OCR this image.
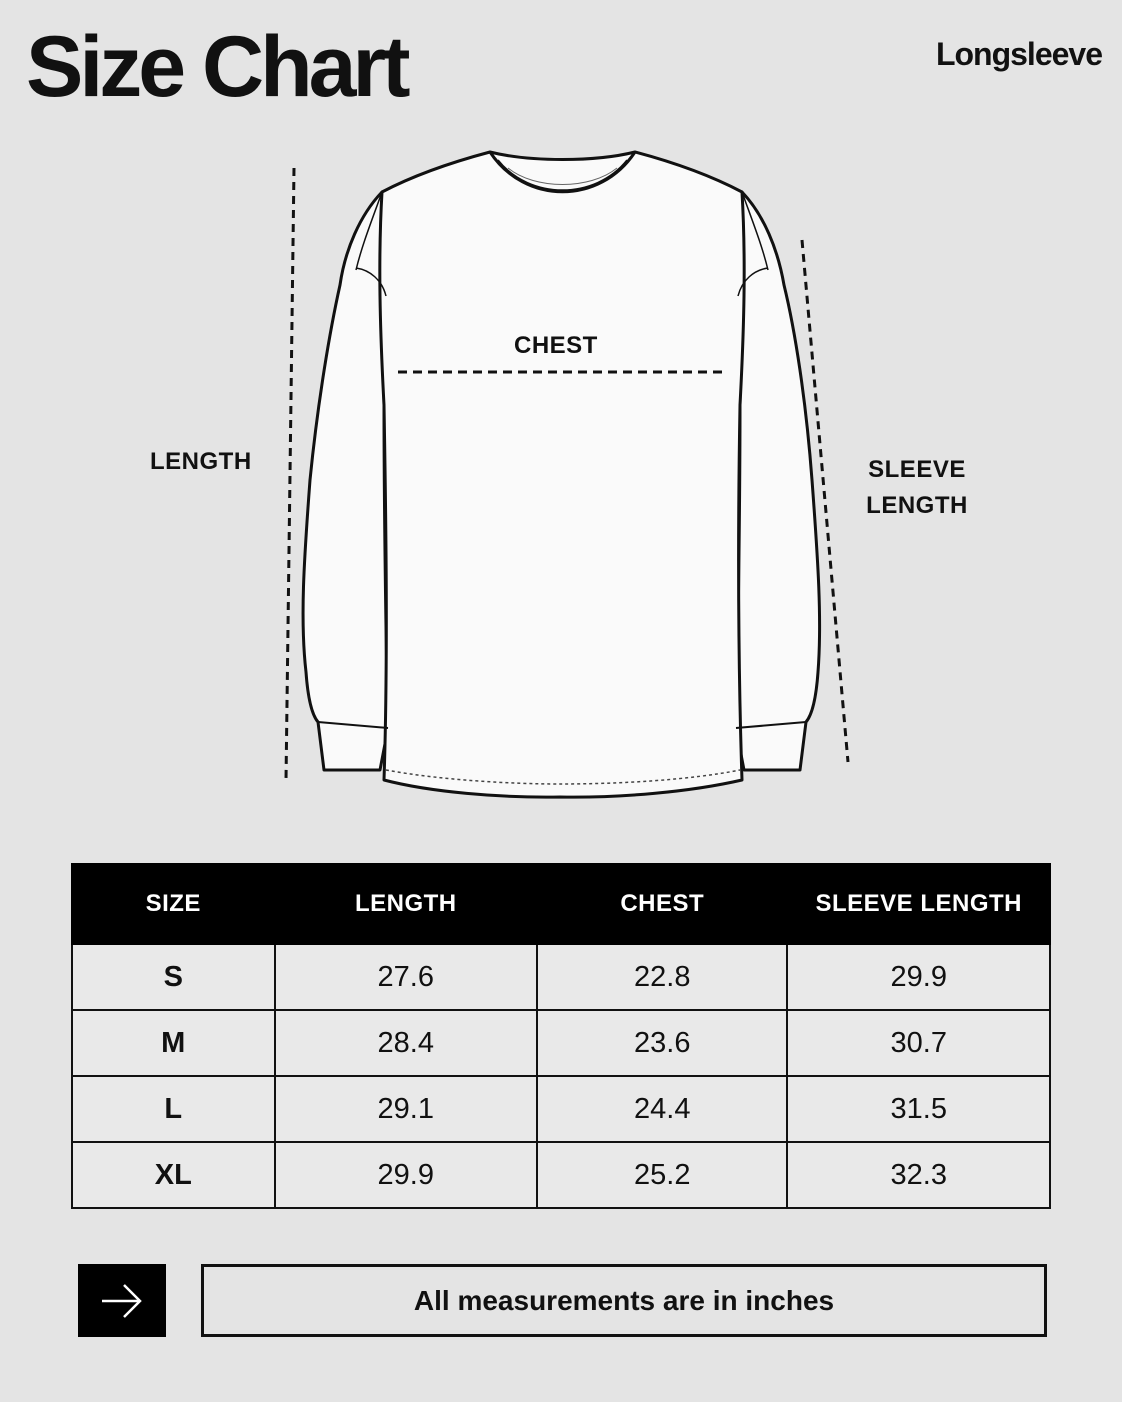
Size Chart	Longsleeve
LENGTH
CHEST
SLEEVE
LENGTH
SIZE	LENGTH	CHEST	SLEEVE LENGTH
S	27.6	22.8	29.9
M	28.4	23.6	30.7
L	29.1	24.4	31.5
XL	29.9	25.2	32.3
All measurements are in inches
